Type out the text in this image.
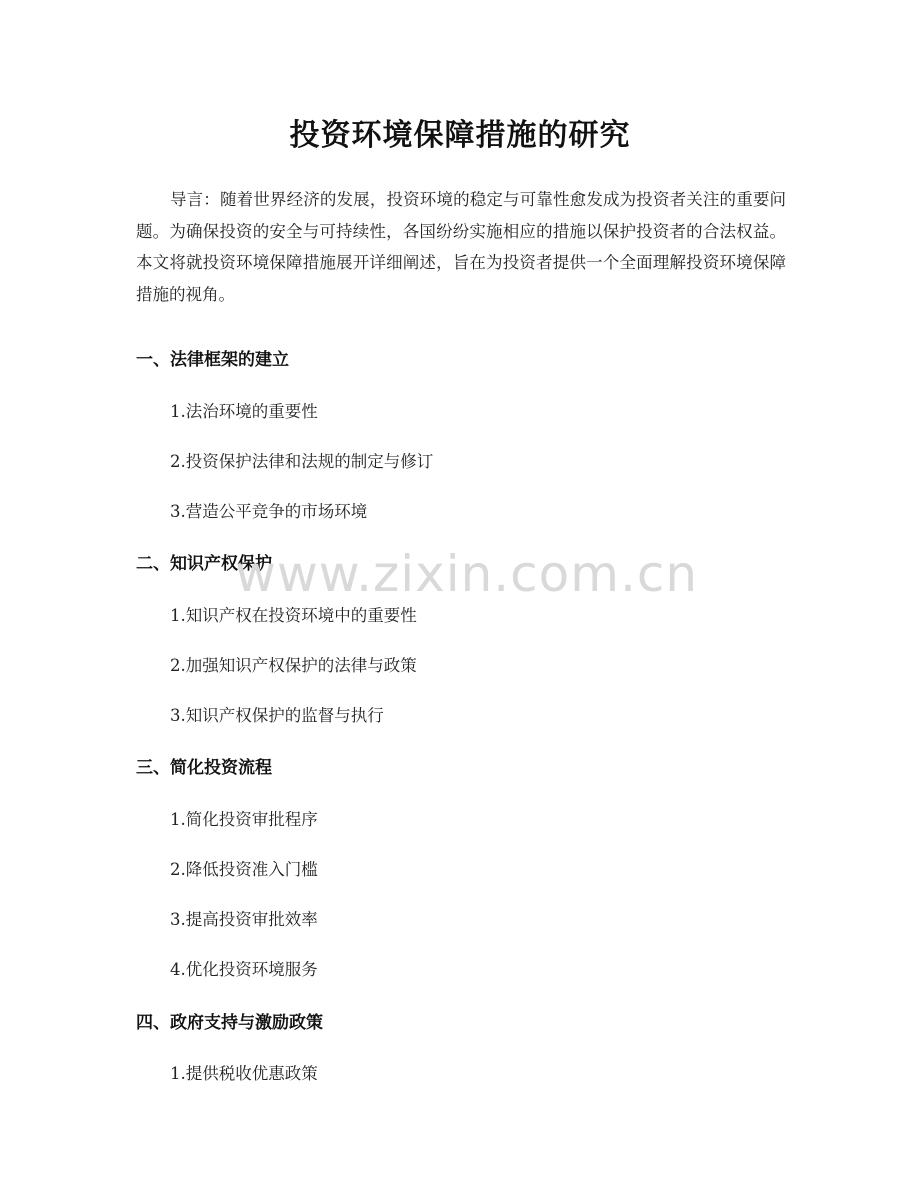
投资环境保障措施的研究

导言：随着世界经济的发展，投资环境的稳定与可靠性愈发成为投资者关注的重要问题。为确保投资的安全与可持续性，各国纷纷实施相应的措施以保护投资者的合法权益。本文将就投资环境保障措施展开详细阐述，旨在为投资者提供一个全面理解投资环境保障措施的视角。

一、法律框架的建立
1.法治环境的重要性
2.投资保护法律和法规的制定与修订
3.营造公平竞争的市场环境
二、知识产权保护
1.知识产权在投资环境中的重要性
2.加强知识产权保护的法律与政策
3.知识产权保护的监督与执行
三、简化投资流程
1.简化投资审批程序
2.降低投资准入门槛
3.提高投资审批效率
4.优化投资环境服务
四、政府支持与激励政策
1.提供税收优惠政策
www.zixin.com.cn
